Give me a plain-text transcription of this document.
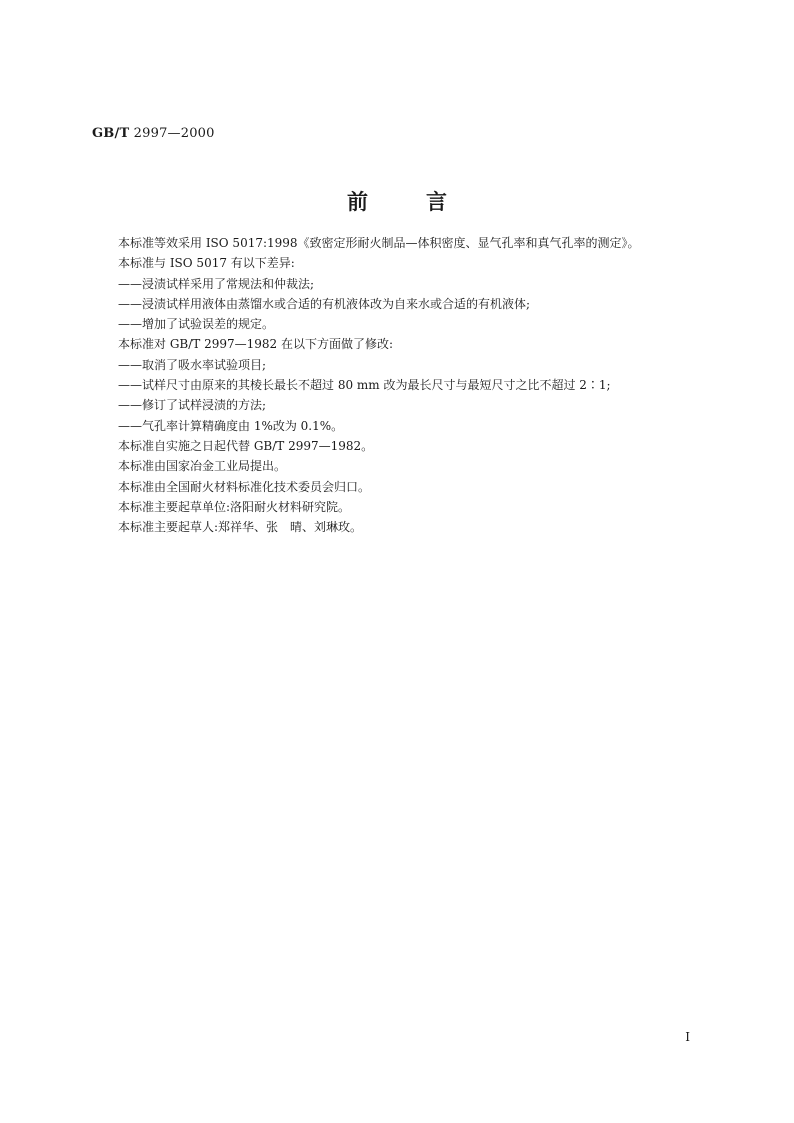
GB/T 2997—2000
前言
本标准等效采用 ISO 5017:1998《致密定形耐火制品—体积密度、显气孔率和真气孔率的测定》。
本标准与 ISO 5017 有以下差异:
——浸渍试样采用了常规法和仲裁法;
——浸渍试样用液体由蒸馏水或合适的有机液体改为自来水或合适的有机液体;
——增加了试验误差的规定。
本标准对 GB/T 2997—1982 在以下方面做了修改:
——取消了吸水率试验项目;
——试样尺寸由原来的其棱长最长不超过 80 mm 改为最长尺寸与最短尺寸之比不超过 2∶1;
——修订了试样浸渍的方法;
——气孔率计算精确度由 1%改为 0.1%。
本标准自实施之日起代替 GB/T 2997—1982。
本标准由国家冶金工业局提出。
本标准由全国耐火材料标准化技术委员会归口。
本标准主要起草单位:洛阳耐火材料研究院。
本标准主要起草人:郑祥华、张　晴、刘琳玫。
I
